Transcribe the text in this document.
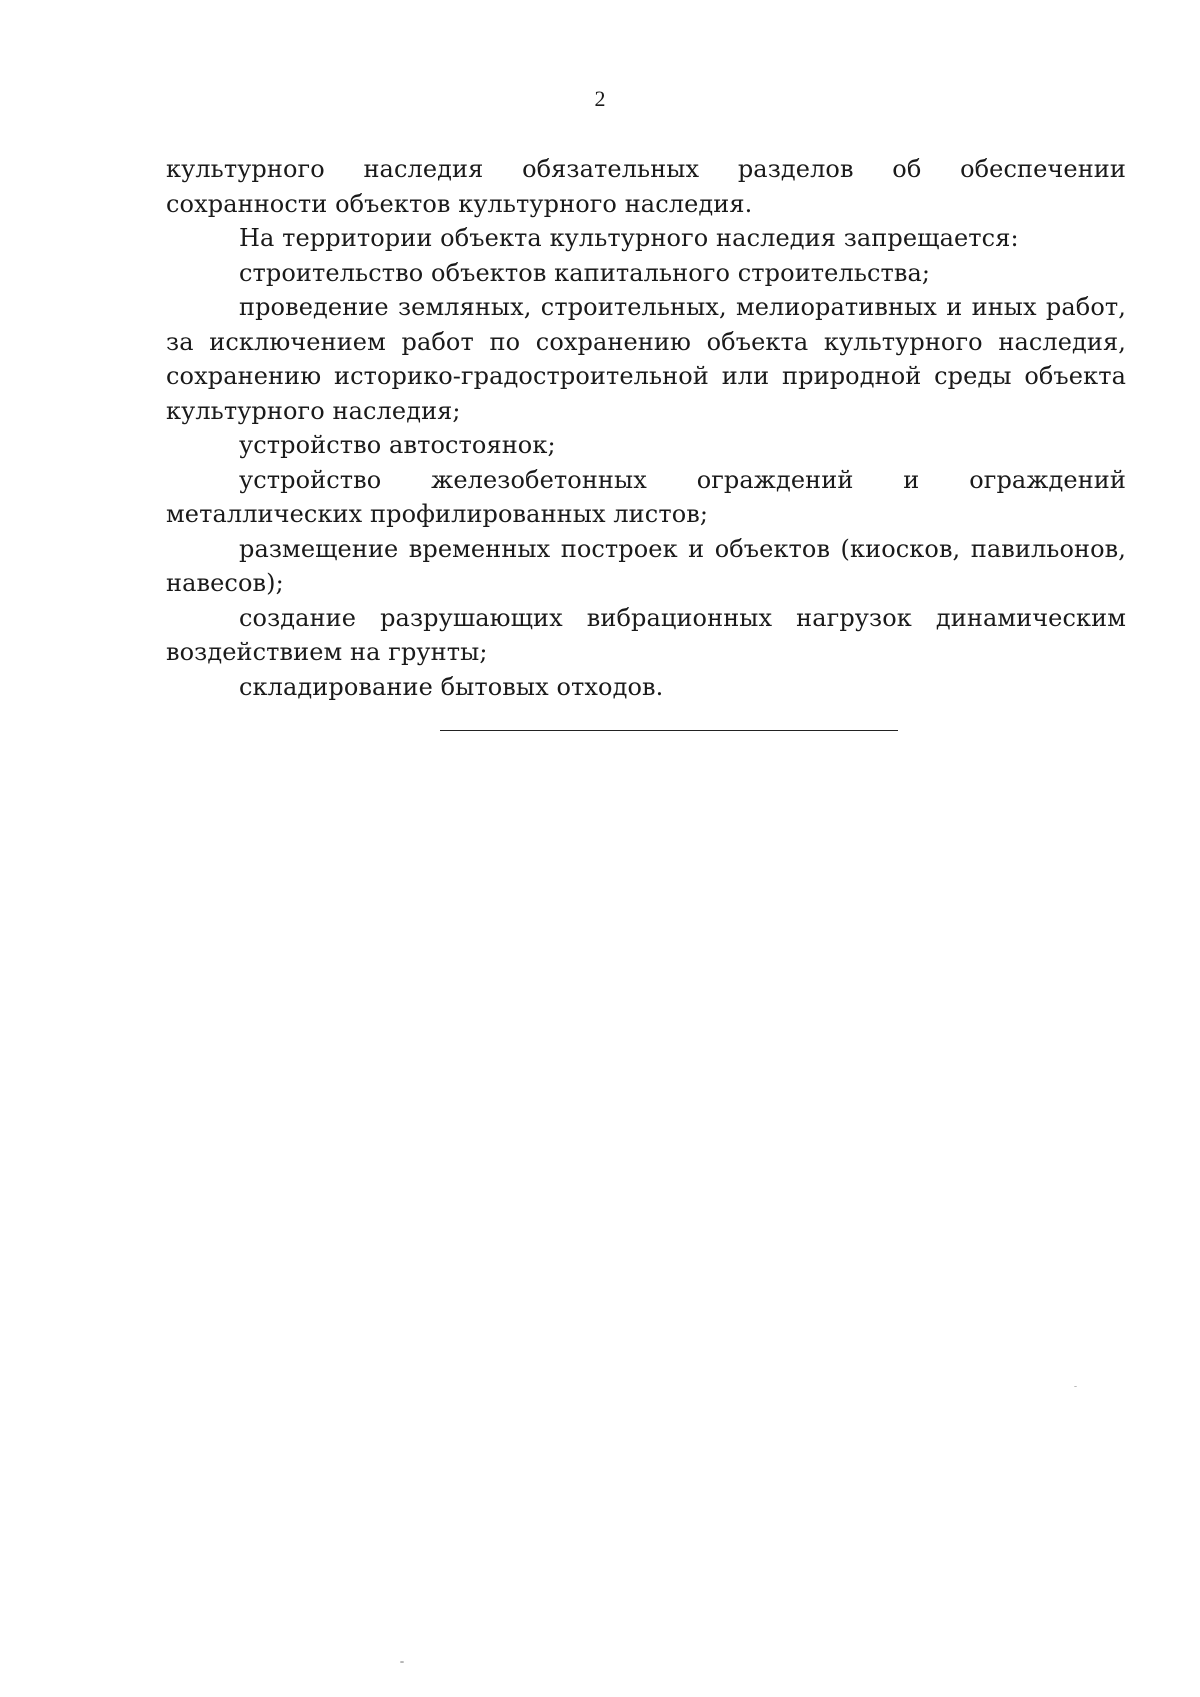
2

культурного наследия обязательных разделов об обеспечении сохранности объектов культурного наследия.

На территории объекта культурного наследия запрещается:

строительство объектов капитального строительства;

проведение земляных, строительных, мелиоративных и иных работ, за исключением работ по сохранению объекта культурного наследия, сохранению историко-градостроительной или природной среды объекта культурного наследия;

устройство автостоянок;

устройство железобетонных ограждений и ограждений металлических профилированных листов;

размещение временных построек и объектов (киосков, павильонов, навесов);

создание разрушающих вибрационных нагрузок динамическим воздействием на грунты;

складирование бытовых отходов.
